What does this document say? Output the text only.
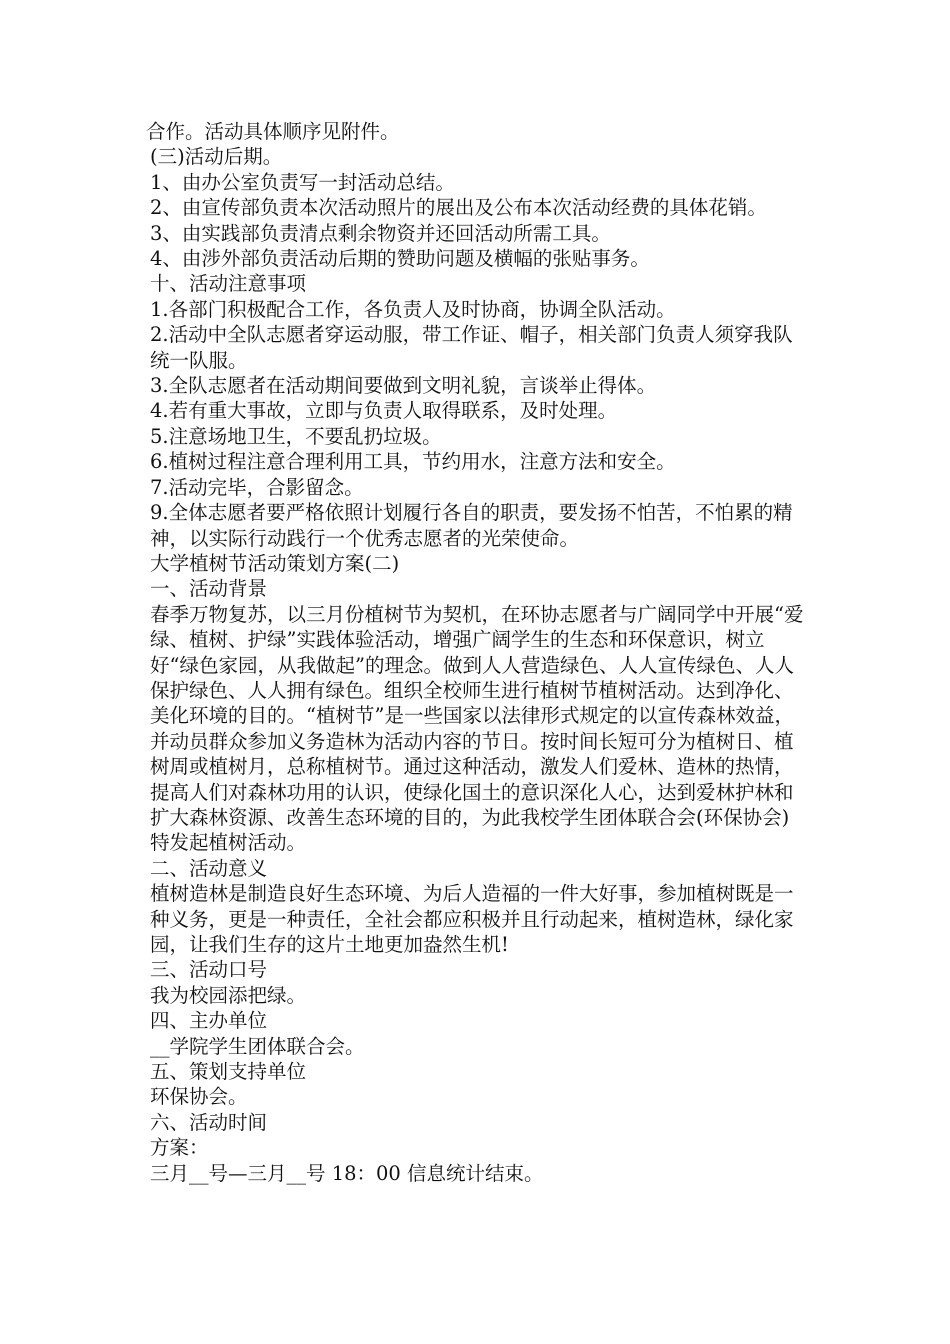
合作。活动具体顺序见附件。

(三)活动后期。

1、由办公室负责写一封活动总结。

2、由宣传部负责本次活动照片的展出及公布本次活动经费的具体花销。

3、由实践部负责清点剩余物资并还回活动所需工具。

4、由涉外部负责活动后期的赞助问题及横幅的张贴事务。

十、活动注意事项

1.各部门积极配合工作，各负责人及时协商，协调全队活动。

2.活动中全队志愿者穿运动服，带工作证、帽子，相关部门负责人须穿我队统一队服。

3.全队志愿者在活动期间要做到文明礼貌，言谈举止得体。

4.若有重大事故，立即与负责人取得联系，及时处理。

5.注意场地卫生，不要乱扔垃圾。

6.植树过程注意合理利用工具，节约用水，注意方法和安全。

7.活动完毕，合影留念。

9.全体志愿者要严格依照计划履行各自的职责，要发扬不怕苦，不怕累的精神，以实际行动践行一个优秀志愿者的光荣使命。

大学植树节活动策划方案(二)

一、活动背景

春季万物复苏，以三月份植树节为契机，在环协志愿者与广阔同学中开展“爱绿、植树、护绿”实践体验活动，增强广阔学生的生态和环保意识，树立好“绿色家园，从我做起”的理念。做到人人营造绿色、人人宣传绿色、人人保护绿色、人人拥有绿色。组织全校师生进行植树节植树活动。达到净化、美化环境的目的。“植树节”是一些国家以法律形式规定的以宣传森林效益，并动员群众参加义务造林为活动内容的节日。按时间长短可分为植树日、植树周或植树月，总称植树节。通过这种活动，激发人们爱林、造林的热情，提高人们对森林功用的认识，使绿化国土的意识深化人心，达到爱林护林和扩大森林资源、改善生态环境的目的，为此我校学生团体联合会(环保协会)特发起植树活动。

二、活动意义

植树造林是制造良好生态环境、为后人造福的一件大好事，参加植树既是一种义务，更是一种责任，全社会都应积极并且行动起来，植树造林，绿化家园，让我们生存的这片土地更加盎然生机!

三、活动口号

我为校园添把绿。

四、主办单位

__学院学生团体联合会。

五、策划支持单位

环保协会。

六、活动时间

方案：

三月__号—三月__号 18：00 信息统计结束。
